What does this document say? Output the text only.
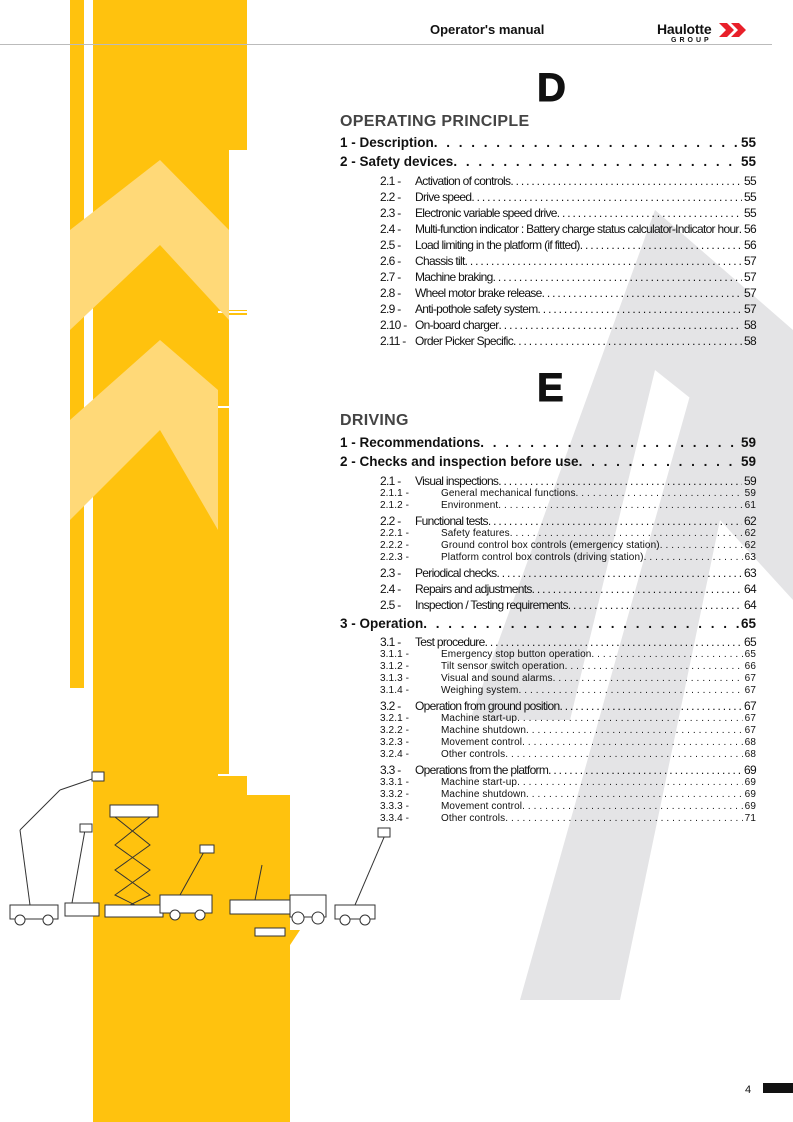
Operator's manual	Haulotte
GROUP
D
OPERATING PRINCIPLE
1 - Description . . .	55
2 - Safety devices . . .	55
2.1 -	Activation of controls . . .	55
2.2 -	Drive speed . . .	55
2.3 -	Electronic variable speed drive . . .	55
2.4 -	Multi-function indicator : Battery charge status calculator-Indicator hour . . . 56
2.5 -	Load limiting in the platform (if fitted) . . .	56
2.6 -	Chassis tilt . . .	57
2.7 -	Machine braking . . .	57
2.8 -	Wheel motor brake release . . .	57
2.9 -	Anti-pothole safety system . . .	57
2.10 - On-board charger . . .	58
2.11 - Order Picker Specific . . .	58
E
DRIVING
1 - Recommendations . . .	59
2 - Checks and inspection before use . . .	59
2.1 -	Visual inspections . . .	59
2.1.1 -	General mechanical functions . . .	59
2.1.2 -	Environment . . .	61
2.2 -	Functional tests . . .	62
2.2.1 -	Safety features . . .	62
2.2.2 -	Ground control box controls (emergency station) . . .	62
2.2.3 -	Platform control box controls (driving station) . . .	63
2.3 -	Periodical checks . . .	63
2.4 -	Repairs and adjustments . . .	64
2.5 -	Inspection / Testing requirements . . .	64
3 - Operation . . .	65
3.1 -	Test procedure . . .	65
3.1.1 -	Emergency stop button operation . . .	65
3.1.2 -	Tilt sensor switch operation . . .	66
3.1.3 -	Visual and sound alarms . . .	67
3.1.4 -	Weighing system . . .	67
3.2 -	Operation from ground position . . .	67
3.2.1 -	Machine start-up . . .	67
3.2.2 -	Machine shutdown . . .	67
3.2.3 -	Movement control . . .	68
3.2.4 -	Other controls . . .	68
3.3 -	Operations from the platform . . .	69
3.3.1 -	Machine start-up . . .	69
3.3.2 -	Machine shutdown . . .	69
3.3.3 -	Movement control . . .	69
3.3.4 -	Other controls . . .	71
4
